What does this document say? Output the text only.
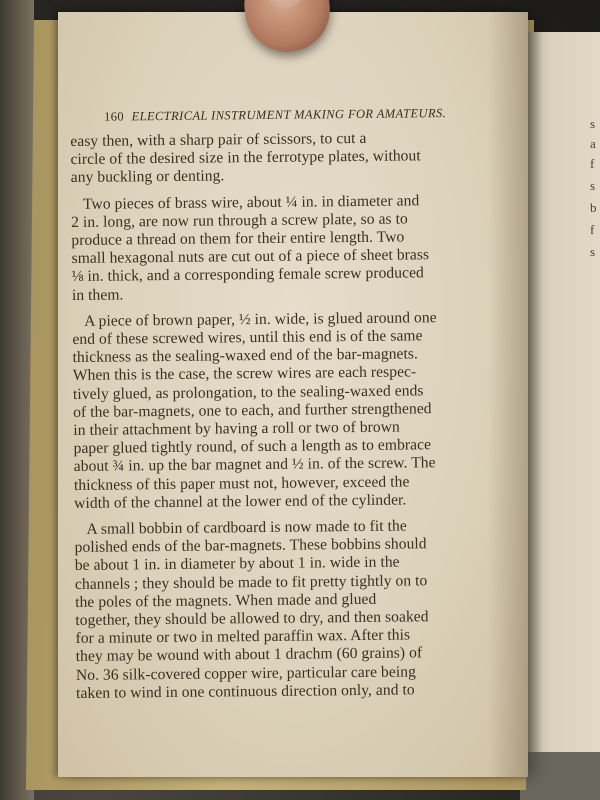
s
a
f
s
b
f
s
160 ELECTRICAL INSTRUMENT MAKING FOR AMATEURS.

easy then, with a sharp pair of scissors, to cut a

circle of the desired size in the ferrotype plates, without

any buckling or denting.

Two pieces of brass wire, about ¼ in. in diameter and

2 in. long, are now run through a screw plate, so as to

produce a thread on them for their entire length. Two

small hexagonal nuts are cut out of a piece of sheet brass

⅛ in. thick, and a corresponding female screw produced

in them.

A piece of brown paper, ½ in. wide, is glued around one

end of these screwed wires, until this end is of the same

thickness as the sealing-waxed end of the bar-magnets.

When this is the case, the screw wires are each respec-

tively glued, as prolongation, to the sealing-waxed ends

of the bar-magnets, one to each, and further strengthened

in their attachment by having a roll or two of brown

paper glued tightly round, of such a length as to embrace

about ¾ in. up the bar magnet and ½ in. of the screw. The

thickness of this paper must not, however, exceed the

width of the channel at the lower end of the cylinder.

A small bobbin of cardboard is now made to fit the

polished ends of the bar-magnets. These bobbins should

be about 1 in. in diameter by about 1 in. wide in the

channels ; they should be made to fit pretty tightly on to

the poles of the magnets. When made and glued

together, they should be allowed to dry, and then soaked

for a minute or two in melted paraffin wax. After this

they may be wound with about 1 drachm (60 grains) of

No. 36 silk-covered copper wire, particular care being

taken to wind in one continuous direction only, and to
